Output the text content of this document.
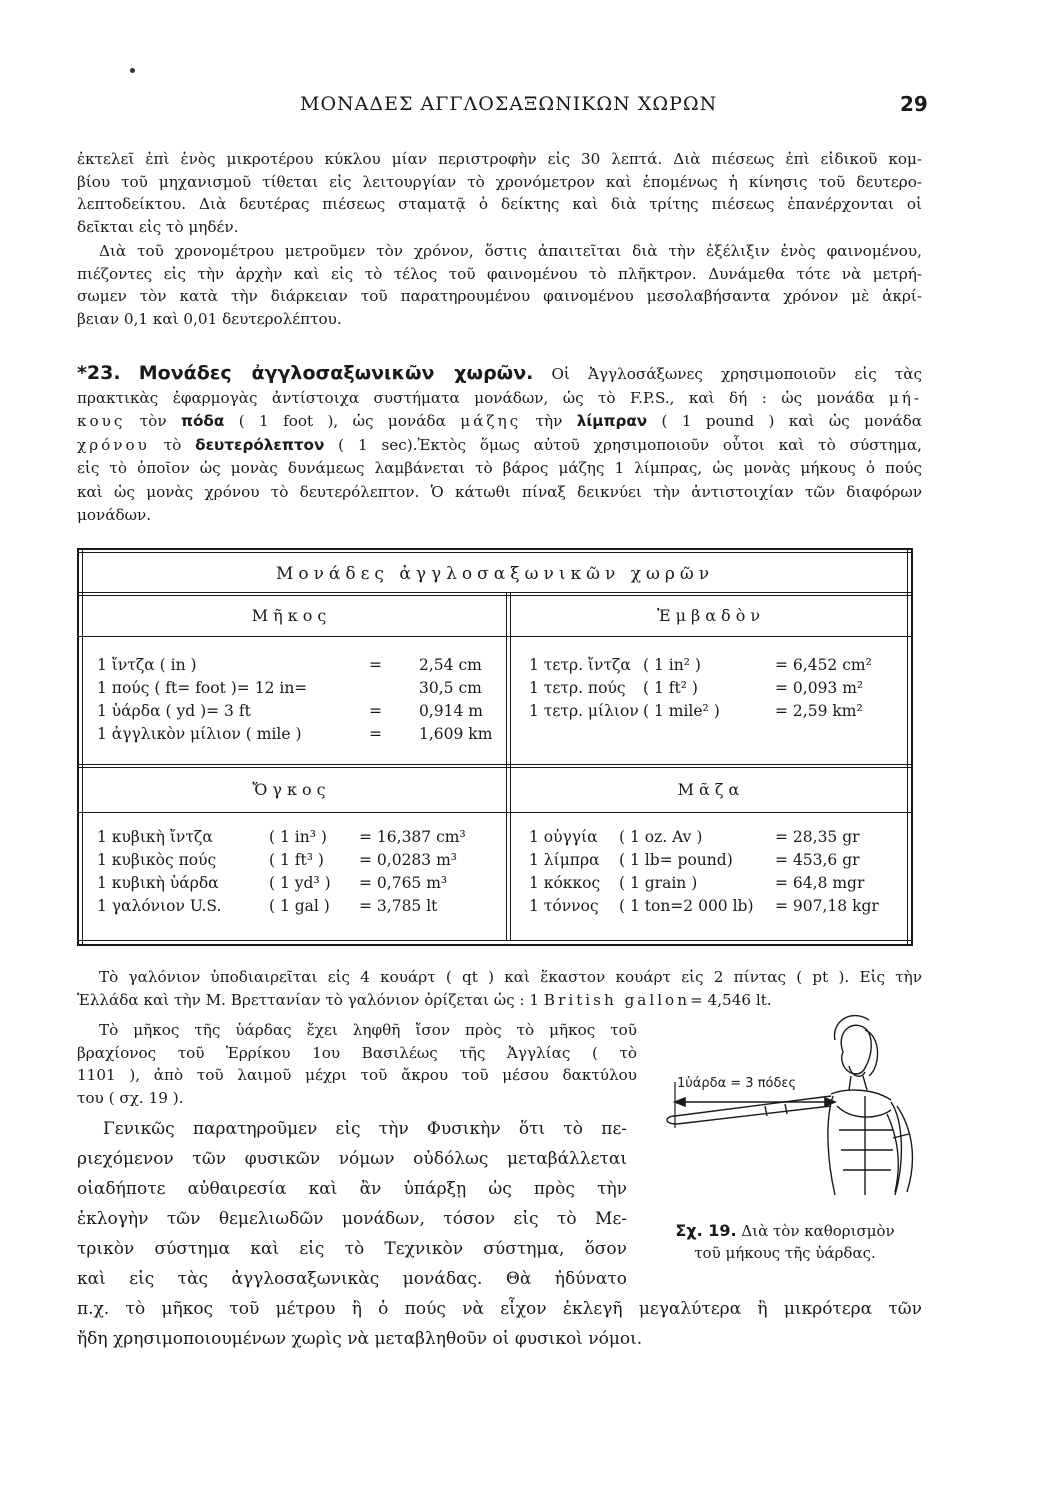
ΜΟΝΑΔΕΣ ΑΓΓΛΟΣΑΞΩΝΙΚΩΝ ΧΩΡΩΝ	29
ἐκτελεῖ ἐπὶ ἑνὸς μικροτέρου κύκλου μίαν περιστροφὴν εἰς 30 λεπτά. Διὰ πιέσεως ἐπὶ εἰδικοῦ κομ-
βίου τοῦ μηχανισμοῦ τίθεται εἰς λειτουργίαν τὸ χρονόμετρον καὶ ἑπομένως ἡ κίνησις τοῦ δευτερο-
λεπτοδείκτου. Διὰ δευτέρας πιέσεως σταματᾷ ὁ δείκτης καὶ διὰ τρίτης πιέσεως ἐπανέρχονται οἱ
δεῖκται εἰς τὸ μηδέν.
Διὰ τοῦ χρονομέτρου μετροῦμεν τὸν χρόνον, ὅστις ἀπαιτεῖται διὰ τὴν ἐξέλιξιν ἑνὸς φαινομένου,
πιέζοντες εἰς τὴν ἀρχὴν καὶ εἰς τὸ τέλος τοῦ φαινομένου τὸ πλῆκτρον. Δυνάμεθα τότε νὰ μετρή-
σωμεν τὸν κατὰ τὴν διάρκειαν τοῦ παρατηρουμένου φαινομένου μεσολαβήσαντα χρόνον μὲ ἀκρί-
βειαν 0,1 καὶ 0,01 δευτερολέπτου.
*23. Μονάδες ἀγγλοσαξωνικῶν χωρῶν. Οἱ Ἀγγλοσάξωνες χρησιμοποιοῦν εἰς τὰς
πρακτικὰς ἐφαρμογὰς ἀντίστοιχα συστήματα μονάδων, ὡς τὸ F.P.S., καὶ δή : ὡς μονάδα μή-
κους τὸν πόδα ( 1 foot ), ὡς μονάδα μάζης τὴν λίμπραν ( 1 pound ) καὶ ὡς μονάδα
χρόνου τὸ δευτερόλεπτον ( 1 sec).Ἐκτὸς ὅμως αὐτοῦ χρησιμοποιοῦν οὗτοι καὶ τὸ σύστημα,
εἰς τὸ ὁποῖον ὡς μονὰς δυνάμεως λαμβάνεται τὸ βάρος μάζης 1 λίμπρας, ὡς μονὰς μήκους ὁ πούς
καὶ ὡς μονὰς χρόνου τὸ δευτερόλεπτον. Ὁ κάτωθι πίναξ δεικνύει τὴν ἀντιστοιχίαν τῶν διαφόρων
μονάδων.
Μονάδες ἀγγλοσαξωνικῶν χωρῶν
Μῆκος	Ἐμβαδὸν
1 ἴντζα ( in )	= 2,54 cm
1 πούς ( ft= foot )= 12 in=	30,5 cm
1 ὑάρδα ( yd )= 3 ft	= 0,914 m
1 ἀγγλικὸν μίλιον ( mile )	= 1,609 km
1 τετρ. ἴντζα ( 1 in² )	= 6,452 cm²
1 τετρ. πούς ( 1 ft² )	= 0,093 m²
1 τετρ. μίλιον ( 1 mile² )	= 2,59 km²
Ὄγκος	Μᾶζα
1 κυβικὴ ἴντζα	( 1 in³ ) = 16,387 cm³
1 κυβικὸς πούς	( 1 ft³ ) = 0,0283 m³
1 κυβικὴ ὑάρδα	( 1 yd³ ) = 0,765 m³
1 γαλόνιον U.S.	( 1 gal ) = 3,785 lt
1 οὐγγία ( 1 oz. Av )	= 28,35 gr
1 λίμπρα ( 1 lb= pound)	= 453,6 gr
1 κόκκος ( 1 grain )	= 64,8 mgr
1 τόννος ( 1 ton=2 000 lb) = 907,18 kgr
Τὸ γαλόνιον ὑποδιαιρεῖται εἰς 4 κουάρτ ( qt ) καὶ ἕκαστον κουάρτ εἰς 2 πίντας ( pt ). Εἰς τὴν
Ἑλλάδα καὶ τὴν Μ. Βρεττανίαν τὸ γαλόνιον ὁρίζεται ὡς : 1 British gallon= 4,546 lt.
Τὸ μῆκος τῆς ὑάρδας ἔχει ληφθῆ ἴσον πρὸς τὸ μῆκος τοῦ
βραχίονος τοῦ Ἑρρίκου 1ου Βασιλέως τῆς Ἀγγλίας ( τὸ
1101 ), ἀπὸ τοῦ λαιμοῦ μέχρι τοῦ ἄκρου τοῦ μέσου δακτύλου
του ( σχ. 19 ).
Γενικῶς παρατηροῦμεν εἰς τὴν Φυσικὴν ὅτι τὸ πε-
ριεχόμενον τῶν φυσικῶν νόμων οὐδόλως μεταβάλλεται
οἱαδήποτε αὐθαιρεσία καὶ ἂν ὑπάρξῃ ὡς πρὸς τὴν
ἐκλογὴν τῶν θεμελιωδῶν μονάδων, τόσον εἰς τὸ Με-
τρικὸν σύστημα καὶ εἰς τὸ Τεχνικὸν σύστημα, ὅσον
καὶ εἰς τὰς ἀγγλοσαξωνικὰς μονάδας. Θὰ ἠδύνατο
π.χ. τὸ μῆκος τοῦ μέτρου ἢ ὁ πούς νὰ εἶχον ἐκλεγῆ μεγαλύτερα ἢ μικρότερα τῶν
ἤδη χρησιμοποιουμένων χωρὶς νὰ μεταβληθοῦν οἱ φυσικοὶ νόμοι.
1ὑάρδα = 3 πόδες
Σχ. 19. Διὰ τὸν καθορισμὸν
τοῦ μήκους τῆς ὑάρδας.
